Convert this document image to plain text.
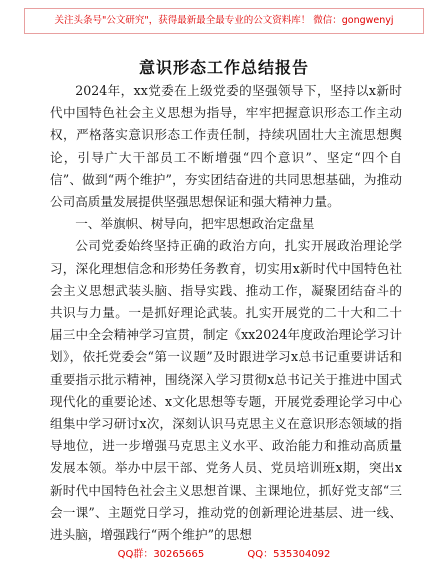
关注头条号"公文研究"，获得最新最全最专业的公文资料库！ 微信：gongwenyj
意识形态工作总结报告

2024年，xx党委在上级党委的坚强领导下，坚持以x新时代中国特色社会主义思想为指导，牢牢把握意识形态工作主动权，严格落实意识形态工作责任制，持续巩固壮大主流思想舆论，引导广大干部员工不断增强“四个意识”、坚定“四个自信”、做到“两个维护”，夯实团结奋进的共同思想基础，为推动公司高质量发展提供坚强思想保证和强大精神力量。

一、举旗帜、树导向，把牢思想政治定盘星

公司党委始终坚持正确的政治方向，扎实开展政治理论学习，深化理想信念和形势任务教育，切实用x新时代中国特色社会主义思想武装头脑、指导实践、推动工作，凝聚团结奋斗的共识与力量。一是抓好理论武装。扎实开展党的二十大和二十届三中全会精神学习宣贯，制定《xx2024年度政治理论学习计划》，依托党委会“第一议题”及时跟进学习x总书记重要讲话和重要指示批示精神，围绕深入学习贯彻x总书记关于推进中国式现代化的重要论述、x文化思想等专题，开展党委理论学习中心组集中学习研讨x次，深刻认识马克思主义在意识形态领域的指导地位，进一步增强马克思主义水平、政治能力和推动高质量发展本领。举办中层干部、党务人员、党员培训班x期，突出x新时代中国特色社会主义思想首课、主课地位，抓好党支部“三会一课”、主题党日学习，推动党的创新理论进基层、进一线、进头脑，增强践行“两个维护”的思想

QQ群：30265665	QQ：535304092
